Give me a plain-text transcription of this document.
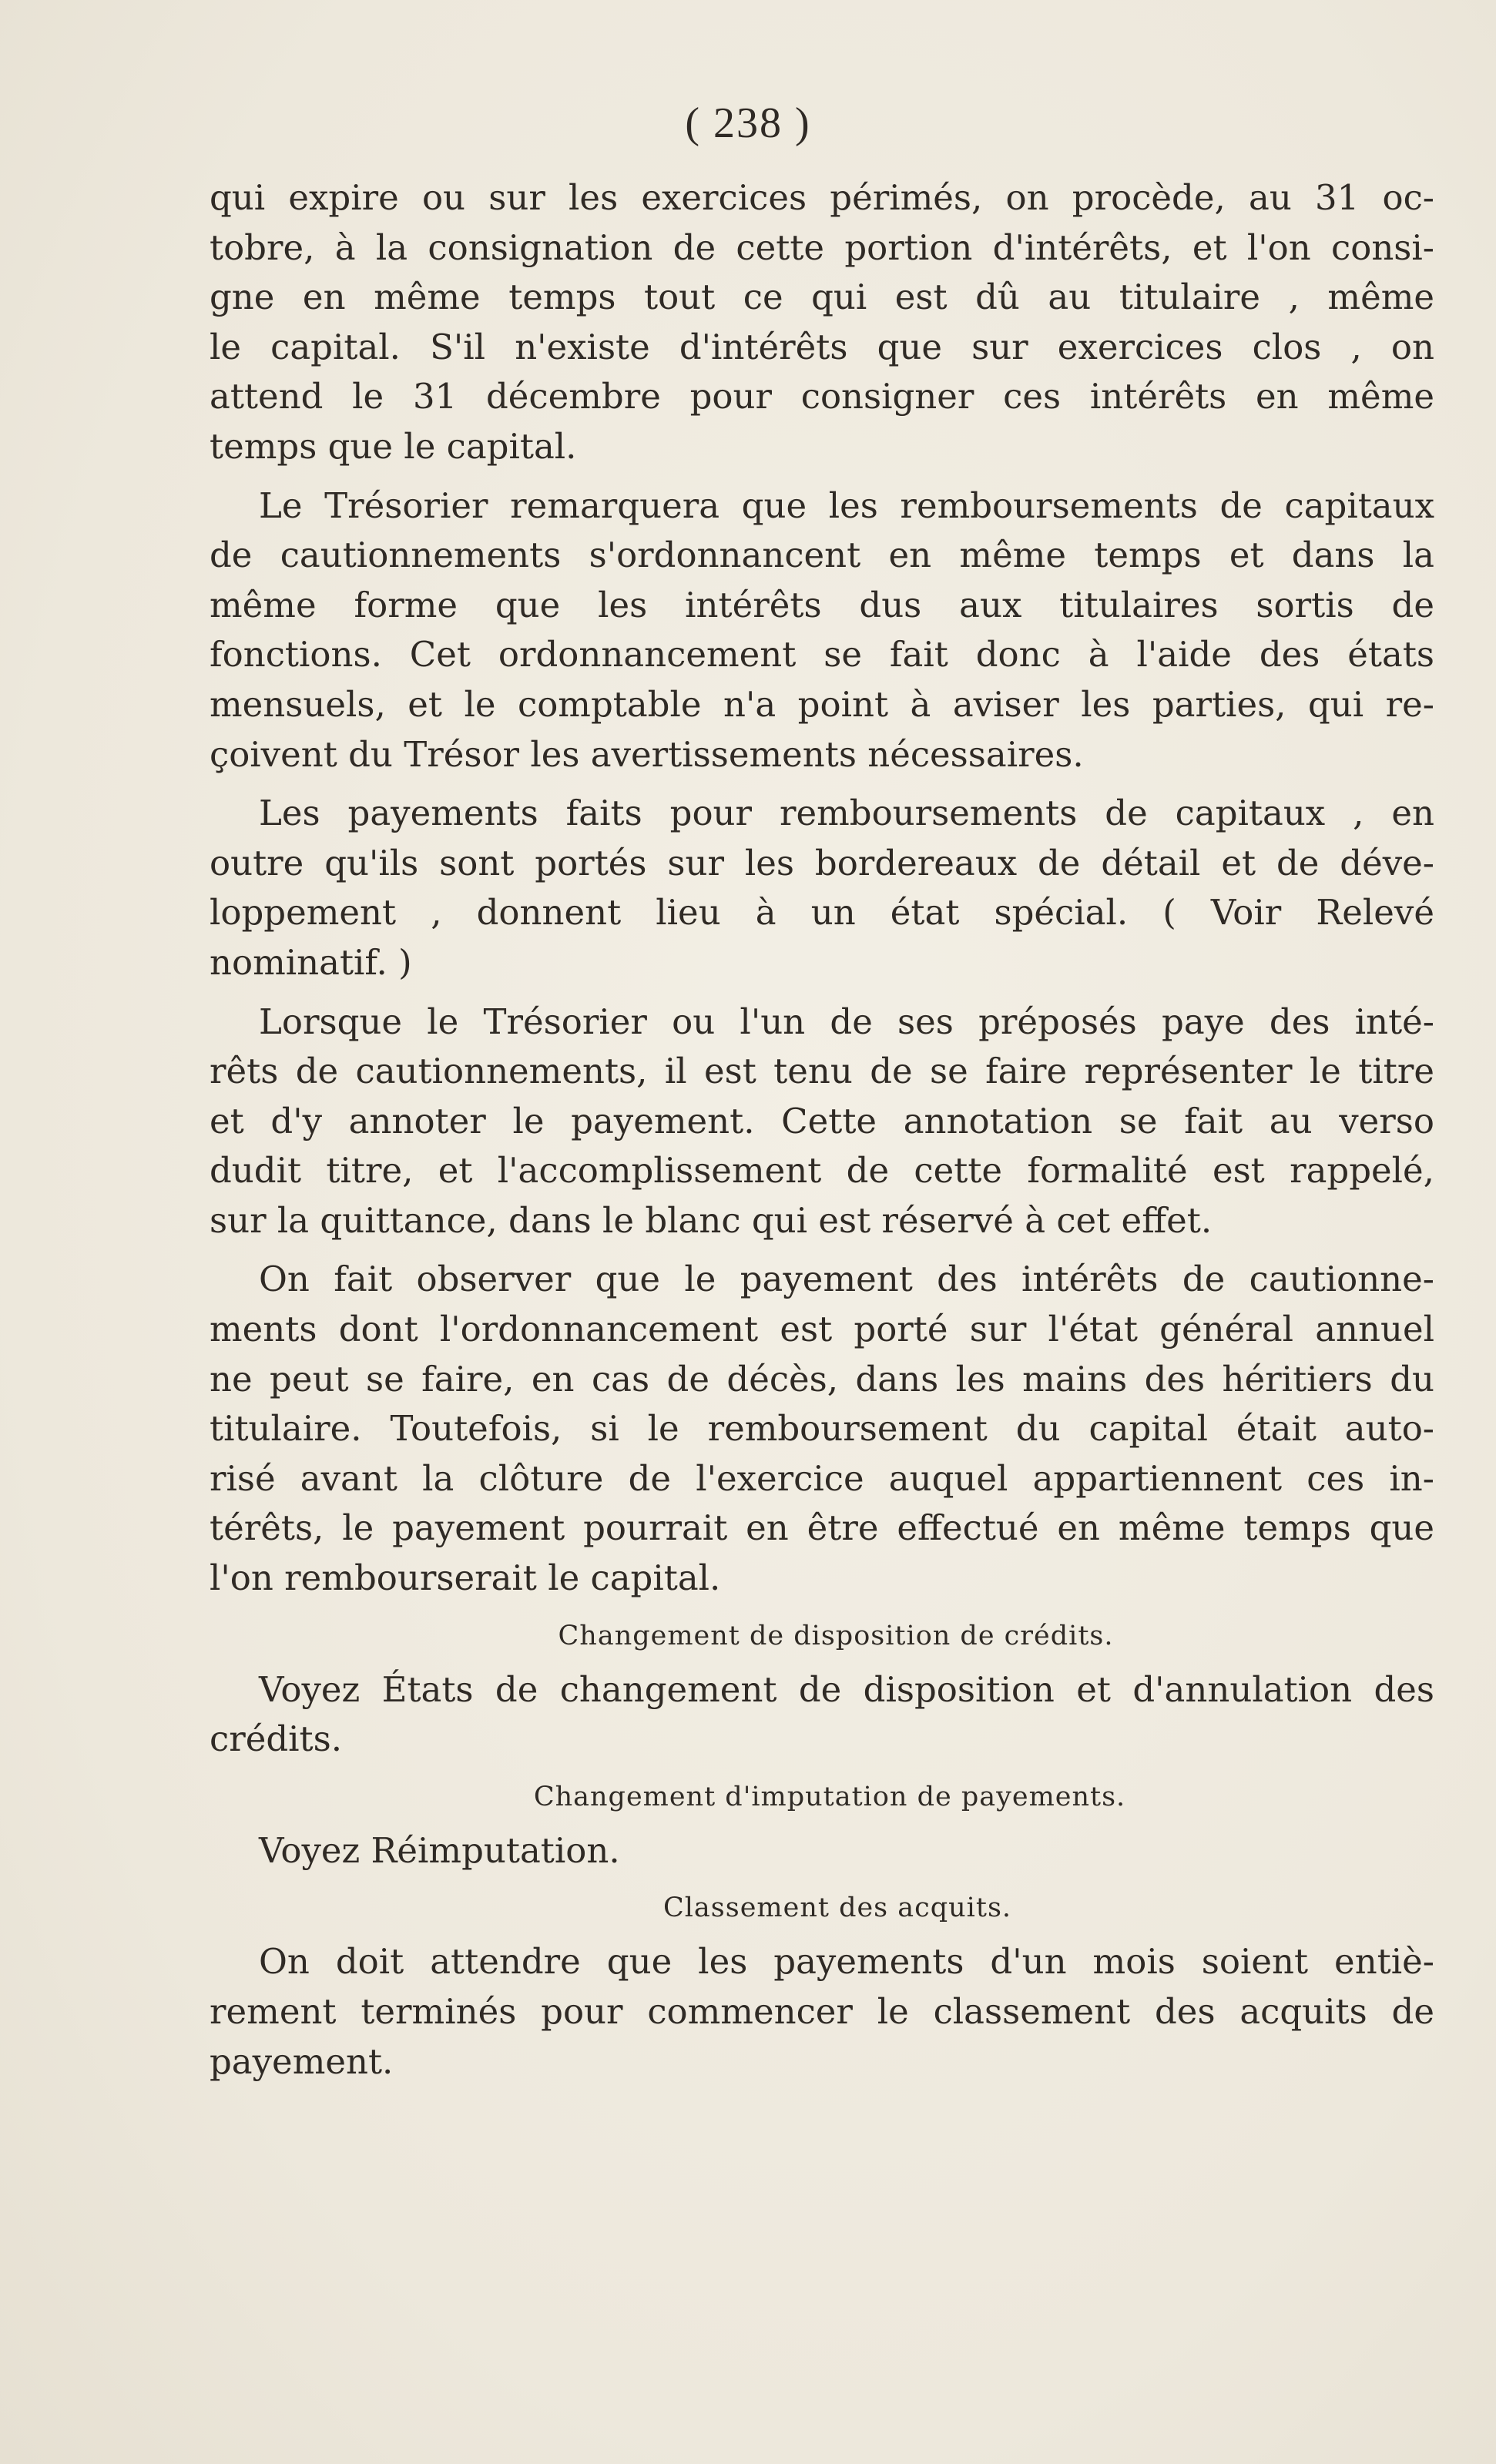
( 238 )
qui expire ou sur les exercices périmés, on procède, au 31 oc-
tobre, à la consignation de cette portion d'intérêts, et l'on consi-
gne en même temps tout ce qui est dû au titulaire , même
le capital. S'il n'existe d'intérêts que sur exercices clos , on
attend le 31 décembre pour consigner ces intérêts en même
temps que le capital.
Le Trésorier remarquera que les remboursements de capitaux
de cautionnements s'ordonnancent en même temps et dans la
même forme que les intérêts dus aux titulaires sortis de
fonctions. Cet ordonnancement se fait donc à l'aide des états
mensuels, et le comptable n'a point à aviser les parties, qui re-
çoivent du Trésor les avertissements nécessaires.
Les payements faits pour remboursements de capitaux , en
outre qu'ils sont portés sur les bordereaux de détail et de déve-
loppement , donnent lieu à un état spécial. ( Voir Relevé
nominatif. )
Lorsque le Trésorier ou l'un de ses préposés paye des inté-
rêts de cautionnements, il est tenu de se faire représenter le titre
et d'y annoter le payement. Cette annotation se fait au verso
dudit titre, et l'accomplissement de cette formalité est rappelé,
sur la quittance, dans le blanc qui est réservé à cet effet.
On fait observer que le payement des intérêts de cautionne-
ments dont l'ordonnancement est porté sur l'état général annuel
ne peut se faire, en cas de décès, dans les mains des héritiers du
titulaire. Toutefois, si le remboursement du capital était auto-
risé avant la clôture de l'exercice auquel appartiennent ces in-
térêts, le payement pourrait en être effectué en même temps que
l'on rembourserait le capital.
Changement de disposition de crédits.
Voyez États de changement de disposition et d'annulation des
crédits.
Changement d'imputation de payements.
Voyez Réimputation.
Classement des acquits.
On doit attendre que les payements d'un mois soient entiè-
rement terminés pour commencer le classement des acquits de
payement.
